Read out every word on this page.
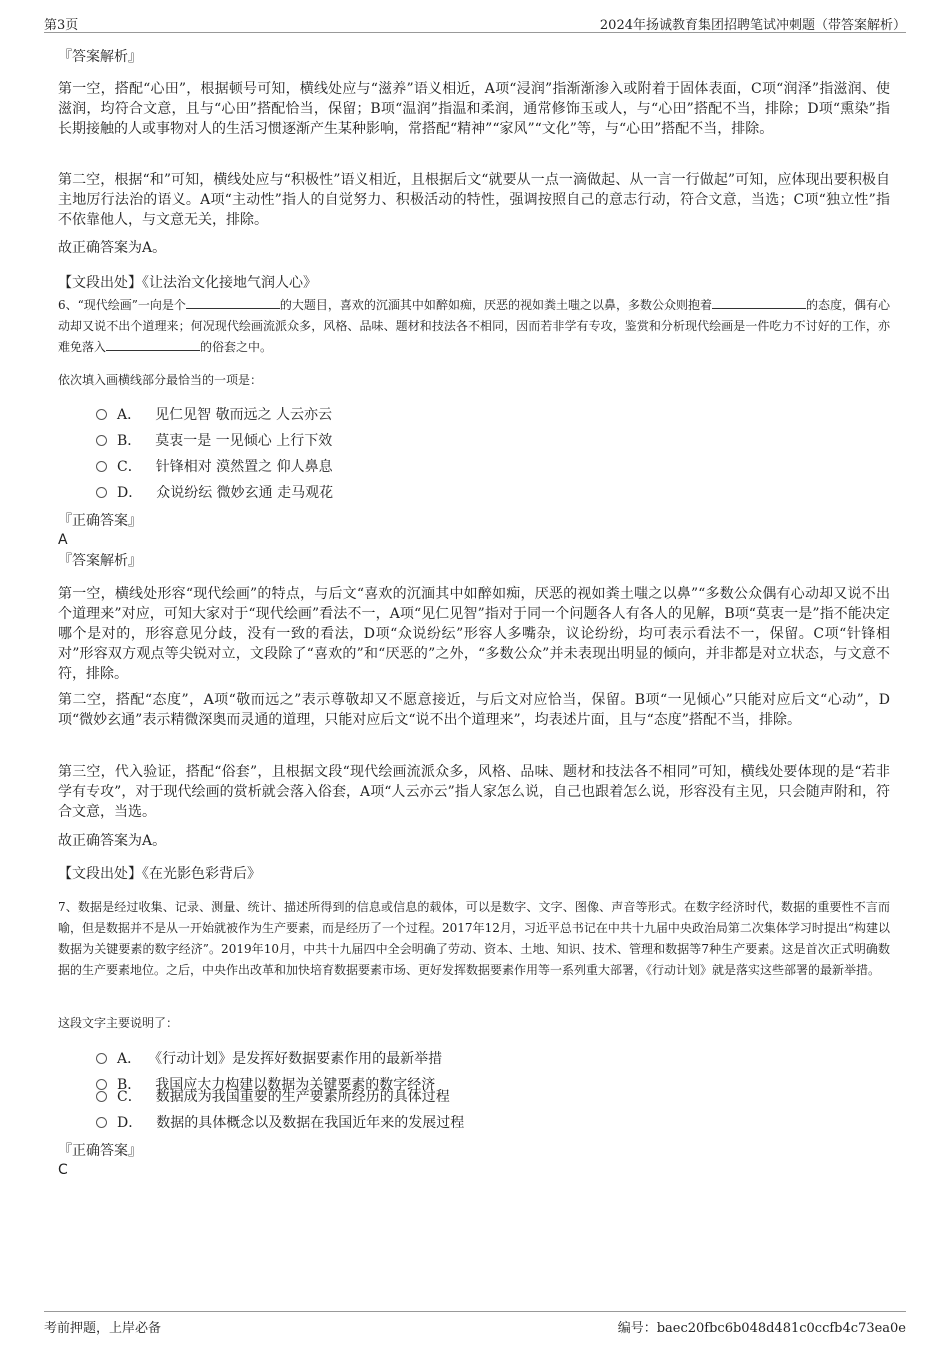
第3页	2024年扬诚教育集团招聘笔试冲刺题（带答案解析）
『答案解析』

第一空，搭配“心田”，根据顿号可知，横线处应与“滋养”语义相近，A项“浸润”指渐渐渗入或附着于固体表面，C项“润泽”指滋润、使滋润，均符合文意，且与“心田”搭配恰当，保留；B项“温润”指温和柔润，通常修饰玉或人，与“心田”搭配不当，排除；D项“熏染”指长期接触的人或事物对人的生活习惯逐渐产生某种影响，常搭配“精神”“家风”“文化”等，与“心田”搭配不当，排除。

第二空，根据“和”可知，横线处应与“积极性”语义相近，且根据后文“就要从一点一滴做起、从一言一行做起”可知，应体现出要积极自主地厉行法治的语义。A项“主动性”指人的自觉努力、积极活动的特性，强调按照自己的意志行动，符合文意，当选；C项“独立性”指不依靠他人，与文意无关，排除。

故正确答案为A。
【文段出处】《让法治文化接地气润人心》
6、“现代绘画”一向是个	的大题目，喜欢的沉湎其中如醉如痴，厌恶的视如粪土嗤之以鼻，多数公众则抱着	的态度，偶有心动却又说不出个道理来；何况现代绘画流派众多，风格、品味、题材和技法各不相同，因而若非学有专攻，鉴赏和分析现代绘画是一件吃力不讨好的工作，亦难免落入	的俗套之中。
依次填入画横线部分最恰当的一项是：
A． 见仁见智 敬而远之 人云亦云
B． 莫衷一是 一见倾心 上行下效
C． 针锋相对 漠然置之 仰人鼻息
D． 众说纷纭 微妙玄通 走马观花
『正确答案』
A
『答案解析』

第一空，横线处形容“现代绘画”的特点，与后文“喜欢的沉湎其中如醉如痴，厌恶的视如粪土嗤之以鼻”“多数公众偶有心动却又说不出个道理来”对应，可知大家对于“现代绘画”看法不一，A项“见仁见智”指对于同一个问题各人有各人的见解，B项“莫衷一是”指不能决定哪个是对的，形容意见分歧，没有一致的看法，D项“众说纷纭”形容人多嘴杂，议论纷纷，均可表示看法不一，保留。C项“针锋相对”形容双方观点等尖锐对立，文段除了“喜欢的”和“厌恶的”之外，“多数公众”并未表现出明显的倾向，并非都是对立状态，与文意不符，排除。

第二空，搭配“态度”，A项“敬而远之”表示尊敬却又不愿意接近，与后文对应恰当，保留。B项“一见倾心”只能对应后文“心动”，D项“微妙玄通”表示精微深奥而灵通的道理，只能对应后文“说不出个道理来”，均表述片面，且与“态度”搭配不当，排除。

第三空，代入验证，搭配“俗套”，且根据文段“现代绘画流派众多，风格、品味、题材和技法各不相同”可知，横线处要体现的是“若非学有专攻”，对于现代绘画的赏析就会落入俗套，A项“人云亦云”指人家怎么说，自己也跟着怎么说，形容没有主见，只会随声附和，符合文意，当选。

故正确答案为A。
【文段出处】《在光影色彩背后》

7、数据是经过收集、记录、测量、统计、描述所得到的信息或信息的载体，可以是数字、文字、图像、声音等形式。在数字经济时代，数据的重要性不言而喻，但是数据并不是从一开始就被作为生产要素，而是经历了一个过程。2017年12月，习近平总书记在中共十九届中央政治局第二次集体学习时提出“构建以数据为关键要素的数字经济”。2019年10月，中共十九届四中全会明确了劳动、资本、土地、知识、技术、管理和数据等7种生产要素。这是首次正式明确数据的生产要素地位。之后，中央作出改革和加快培育数据要素市场、更好发挥数据要素作用等一系列重大部署，《行动计划》就是落实这些部署的最新举措。

这段文字主要说明了：
A． 《行动计划》是发挥好数据要素作用的最新举措
B． 我国应大力构建以数据为关键要素的数字经济
C． 数据成为我国重要的生产要素所经历的具体过程
D． 数据的具体概念以及数据在我国近年来的发展过程
『正确答案』
C
考前押题，上岸必备	编号：baec20fbc6b048d481c0ccfb4c73ea0e
